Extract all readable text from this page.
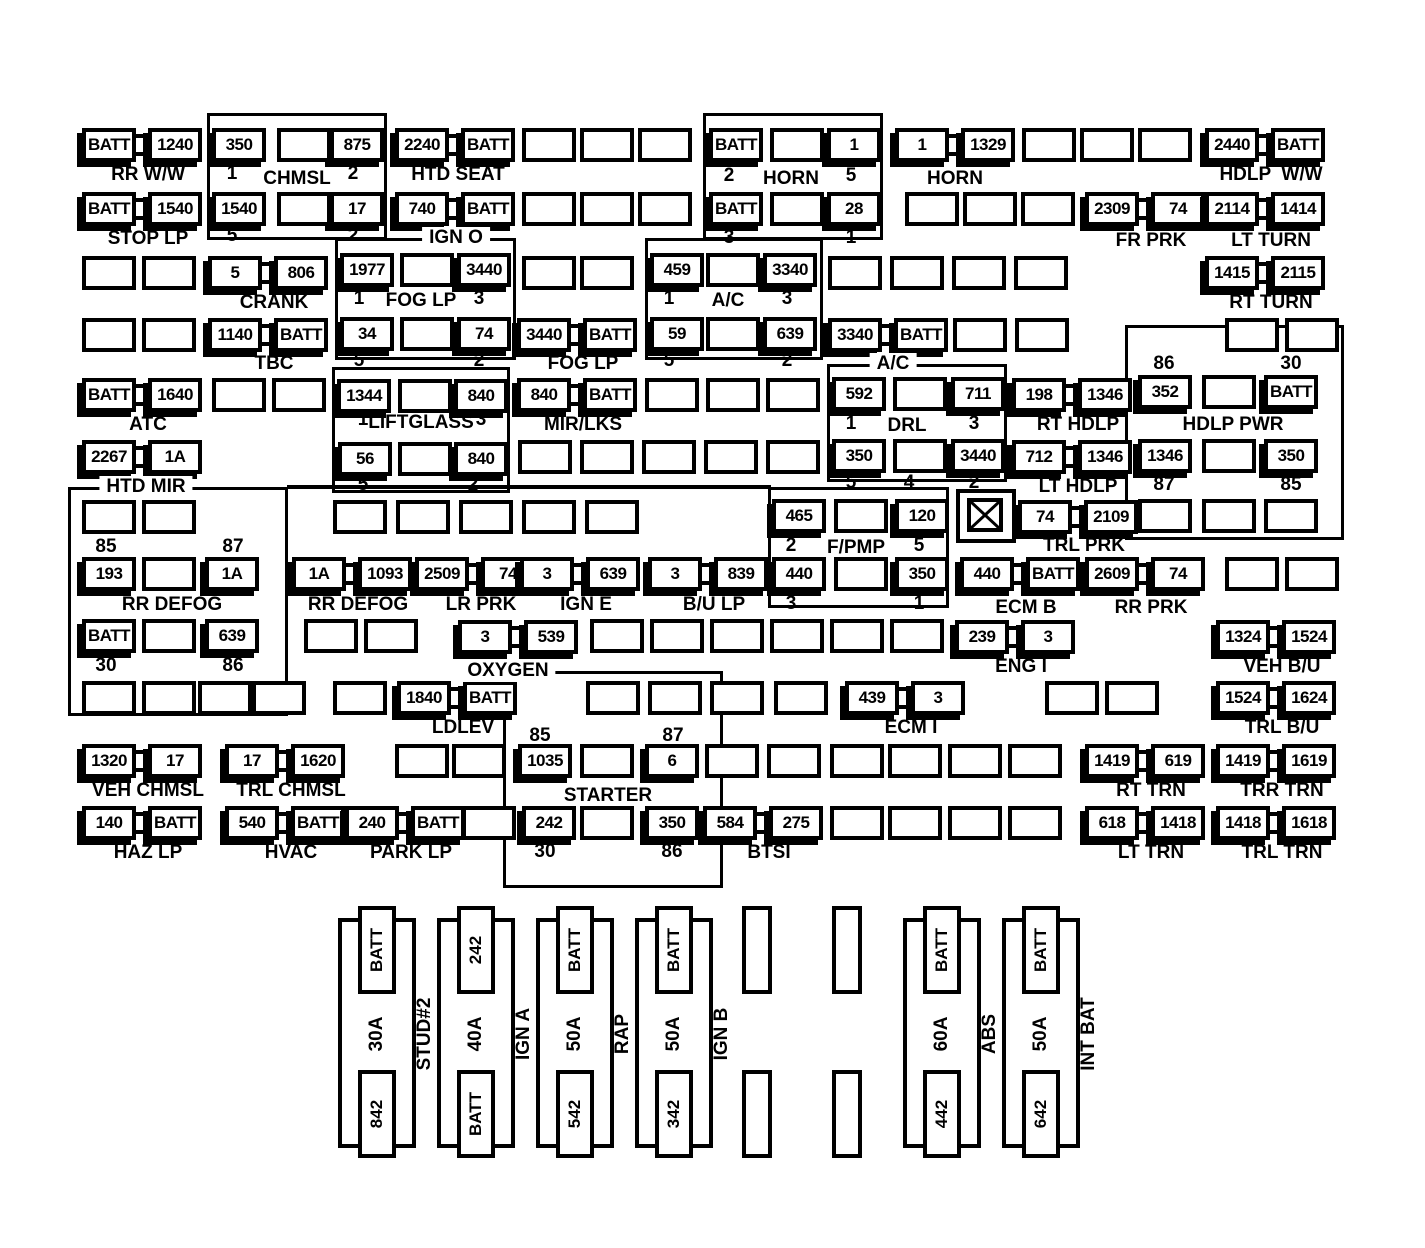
350	875
1540	17
BATT	1
BATT	28
1977	3440
34	74
459	3340
59	639
1344	840
56	840
592	711
350	3440
465	120
440	350
352	BATT
1346	350
193	1A
BATT	639
1035	6
242	350
BATT	1240
RR W/W
2240	BATT
HTD SEAT
1	1329
HORN
2440	BATT
HDLP  W/W
BATT	1540
STOP LP
740	BATT	2309	74
FR PRK
2114	1414
LT TURN
5	806
CRANK
1415	2115
RT TURN
1140	BATT
TBC
3440	BATT
FOG LP
3340	BATT
BATT	1640
ATC
840	BATT
MIR/LKS
198	1346
RT HDLP
2267	1A	712	1346
LT HDLP
74	2109
TRL PRK
1A	1093
RR DEFOG
2509	74
LR PRK
3	639
IGN E
3	839
B/U LP
440	BATT
ECM B
2609	74
RR PRK
3	539	239	3
ENG I
1324	1524
VEH B/U
1840	BATT
LDLEV
439	3
ECM I
1524	1624
TRL B/U
1320	17
VEH CHMSL
17	1620
TRL CHMSL
1419	619
RT TRN
1419	1619
TRR TRN
140	BATT
HAZ LP
540	BATT
HVAC
240	BATT
PARK LP
584	275
BTSI
618	1418
LT TRN
1418	1618
TRL TRN
CHMSL
1	2
5	2
HORN
2	5
3	1
FOG LP
1	3
5	2
A/C
1	3
5	2
LIFTGLASS
1	3
5	2
DRL
1	3
5 4	2
F/PMP
2	5
3	1
85	87
RR DEFOG
30	86
85	87
STARTER
30	86
86	30
HDLP PWR
87	85
IGN O
A/C
HTD MIR
OXYGEN
BATT
842
30A STUD#2
242
BATT
40A IGN A
BATT
542
50A RAP
BATT
342
50A IGN B
BATT
442
60A ABS
BATT
642
50A INT BAT
